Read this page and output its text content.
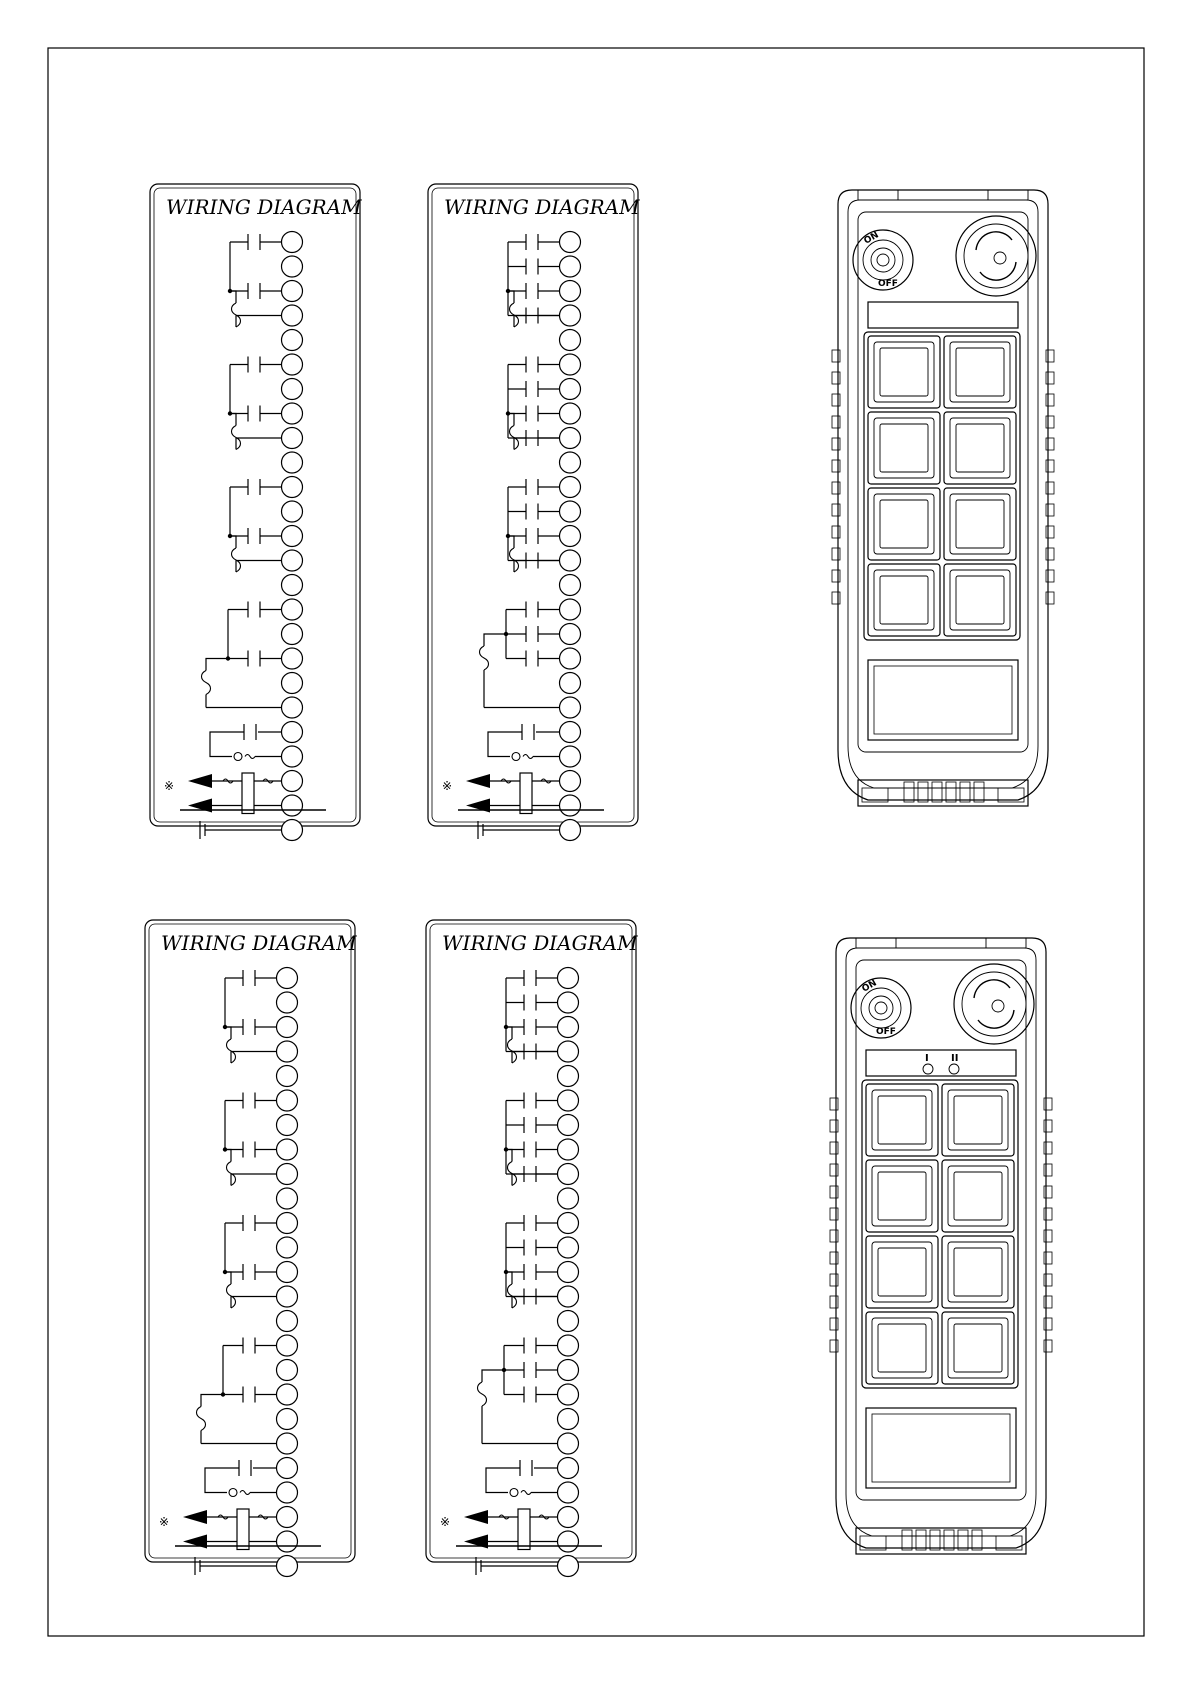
WIRING DIAGRAM
※
WIRING DIAGRAM
※
WIRING DIAGRAM
※
WIRING DIAGRAM
※
ON
OFF
ON
OFF
I II
